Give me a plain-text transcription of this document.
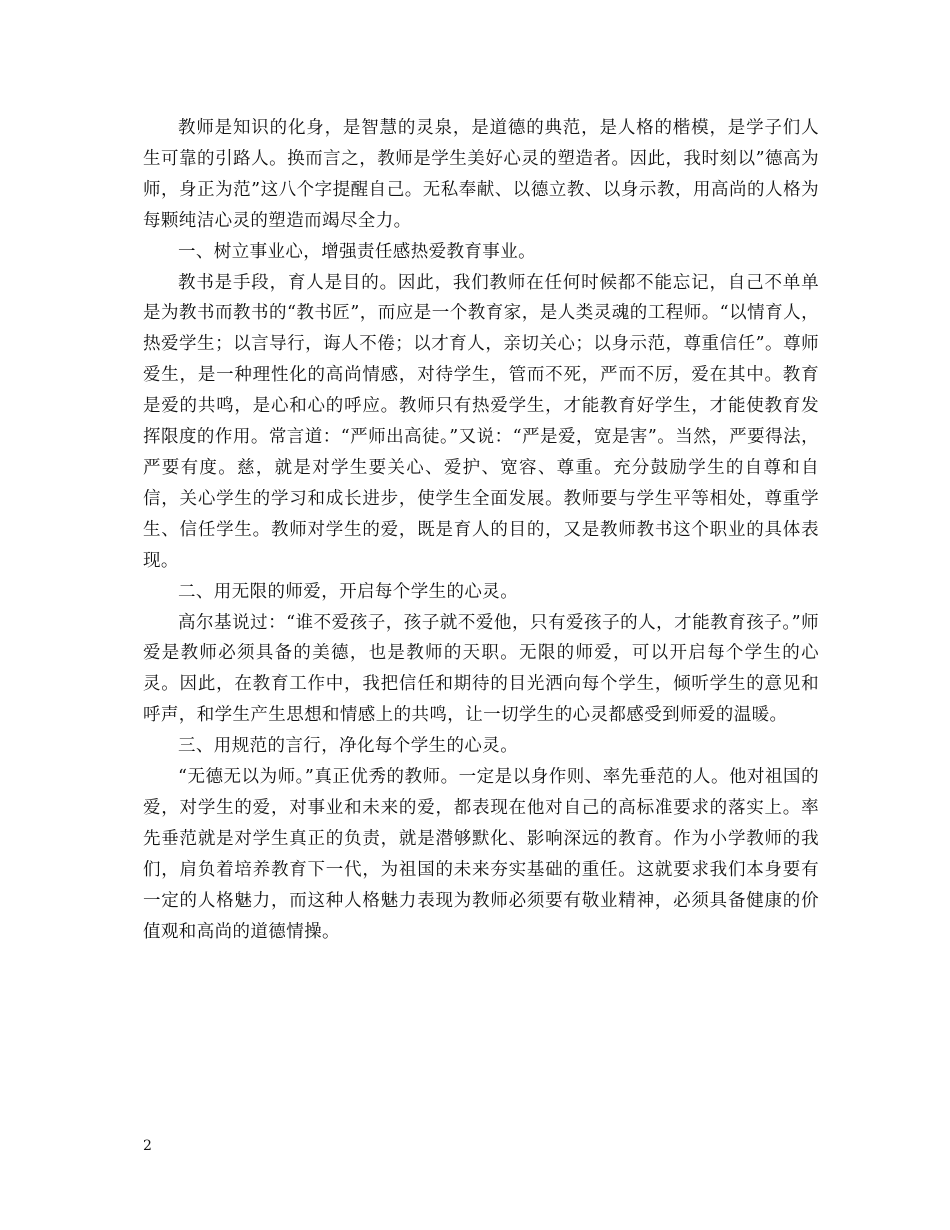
教师是知识的化身，是智慧的灵泉，是道德的典范，是人格的楷模，是学子们人生可靠的引路人。换而言之，教师是学生美好心灵的塑造者。因此，我时刻以”德高为师，身正为范”这八个字提醒自己。无私奉献、以德立教、以身示教，用高尚的人格为每颗纯洁心灵的塑造而竭尽全力。

一、树立事业心，增强责任感热爱教育事业。

教书是手段，育人是目的。因此，我们教师在任何时候都不能忘记，自己不单单是为教书而教书的“教书匠”，而应是一个教育家，是人类灵魂的工程师。“以情育人，热爱学生；以言导行，诲人不倦；以才育人，亲切关心；以身示范，尊重信任”。尊师爱生，是一种理性化的高尚情感，对待学生，管而不死，严而不厉，爱在其中。教育是爱的共鸣，是心和心的呼应。教师只有热爱学生，才能教育好学生，才能使教育发挥限度的作用。常言道：“严师出高徒。”又说：“严是爱，宽是害”。当然，严要得法，严要有度。慈，就是对学生要关心、爱护、宽容、尊重。充分鼓励学生的自尊和自信，关心学生的学习和成长进步，使学生全面发展。教师要与学生平等相处，尊重学生、信任学生。教师对学生的爱，既是育人的目的，又是教师教书这个职业的具体表现。

二、用无限的师爱，开启每个学生的心灵。

高尔基说过：“谁不爱孩子，孩子就不爱他，只有爱孩子的人，才能教育孩子。”师爱是教师必须具备的美德，也是教师的天职。无限的师爱，可以开启每个学生的心灵。因此，在教育工作中，我把信任和期待的目光洒向每个学生，倾听学生的意见和呼声，和学生产生思想和情感上的共鸣，让一切学生的心灵都感受到师爱的温暖。

三、用规范的言行，净化每个学生的心灵。

“无德无以为师。”真正优秀的教师。一定是以身作则、率先垂范的人。他对祖国的爱，对学生的爱，对事业和未来的爱，都表现在他对自己的高标准要求的落实上。率先垂范就是对学生真正的负责，就是潜够默化、影响深远的教育。作为小学教师的我们，肩负着培养教育下一代，为祖国的未来夯实基础的重任。这就要求我们本身要有一定的人格魅力，而这种人格魅力表现为教师必须要有敬业精神，必须具备健康的价值观和高尚的道德情操。

2
